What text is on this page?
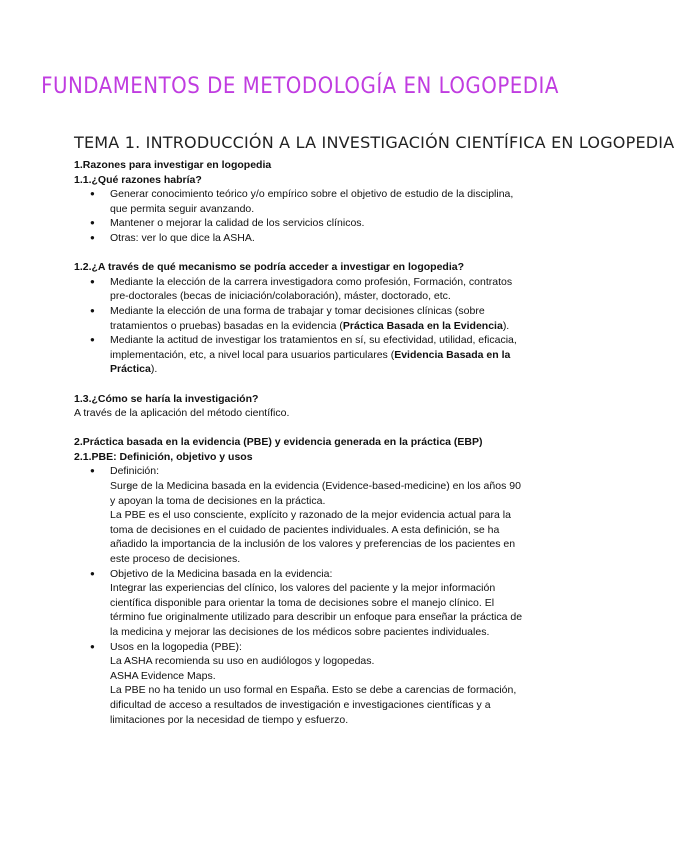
FUNDAMENTOS DE METODOLOGÍA EN LOGOPEDIA
TEMA 1. INTRODUCCIÓN A LA INVESTIGACIÓN CIENTÍFICA EN LOGOPEDIA

1.Razones para investigar en logopedia

1.1.¿Qué razones habría?

● Generar conocimiento teórico y/o empírico sobre el objetivo de estudio de la disciplina, que permita seguir avanzando.
● Mantener o mejorar la calidad de los servicios clínicos.
● Otras: ver lo que dice la ASHA.

1.2.¿A través de qué mecanismo se podría acceder a investigar en logopedia?

● Mediante la elección de la carrera investigadora como profesión, Formación, contratos pre-doctorales (becas de iniciación/colaboración), máster, doctorado, etc.
● Mediante la elección de una forma de trabajar y tomar decisiones clínicas (sobre tratamientos o pruebas) basadas en la evidencia (Práctica Basada en la Evidencia).
● Mediante la actitud de investigar los tratamientos en sí, su efectividad, utilidad, eficacia, implementación, etc, a nivel local para usuarios particulares (Evidencia Basada en la Práctica).

1.3.¿Cómo se haría la investigación?

A través de la aplicación del método científico.

2.Práctica basada en la evidencia (PBE) y evidencia generada en la práctica (EBP)

2.1.PBE: Definición, objetivo y usos

● Definición:
- Surge de la Medicina basada en la evidencia (Evidence-based-medicine) en los años 90 y apoyan la toma de decisiones en la práctica.
- La PBE es el uso consciente, explícito y razonado de la mejor evidencia actual para la toma de decisiones en el cuidado de pacientes individuales. A esta definición, se ha añadido la importancia de la inclusión de los valores y preferencias de los pacientes en este proceso de decisiones.
● Objetivo de la Medicina basada en la evidencia:
- Integrar las experiencias del clínico, los valores del paciente y la mejor información científica disponible para orientar la toma de decisiones sobre el manejo clínico. El término fue originalmente utilizado para describir un enfoque para enseñar la práctica de la medicina y mejorar las decisiones de los médicos sobre pacientes individuales.
● Usos en la logopedia (PBE):
- La ASHA recomienda su uso en audiólogos y logopedas.
- ASHA Evidence Maps.
- La PBE no ha tenido un uso formal en España. Esto se debe a carencias de formación, dificultad de acceso a resultados de investigación e investigaciones científicas y a limitaciones por la necesidad de tiempo y esfuerzo.
